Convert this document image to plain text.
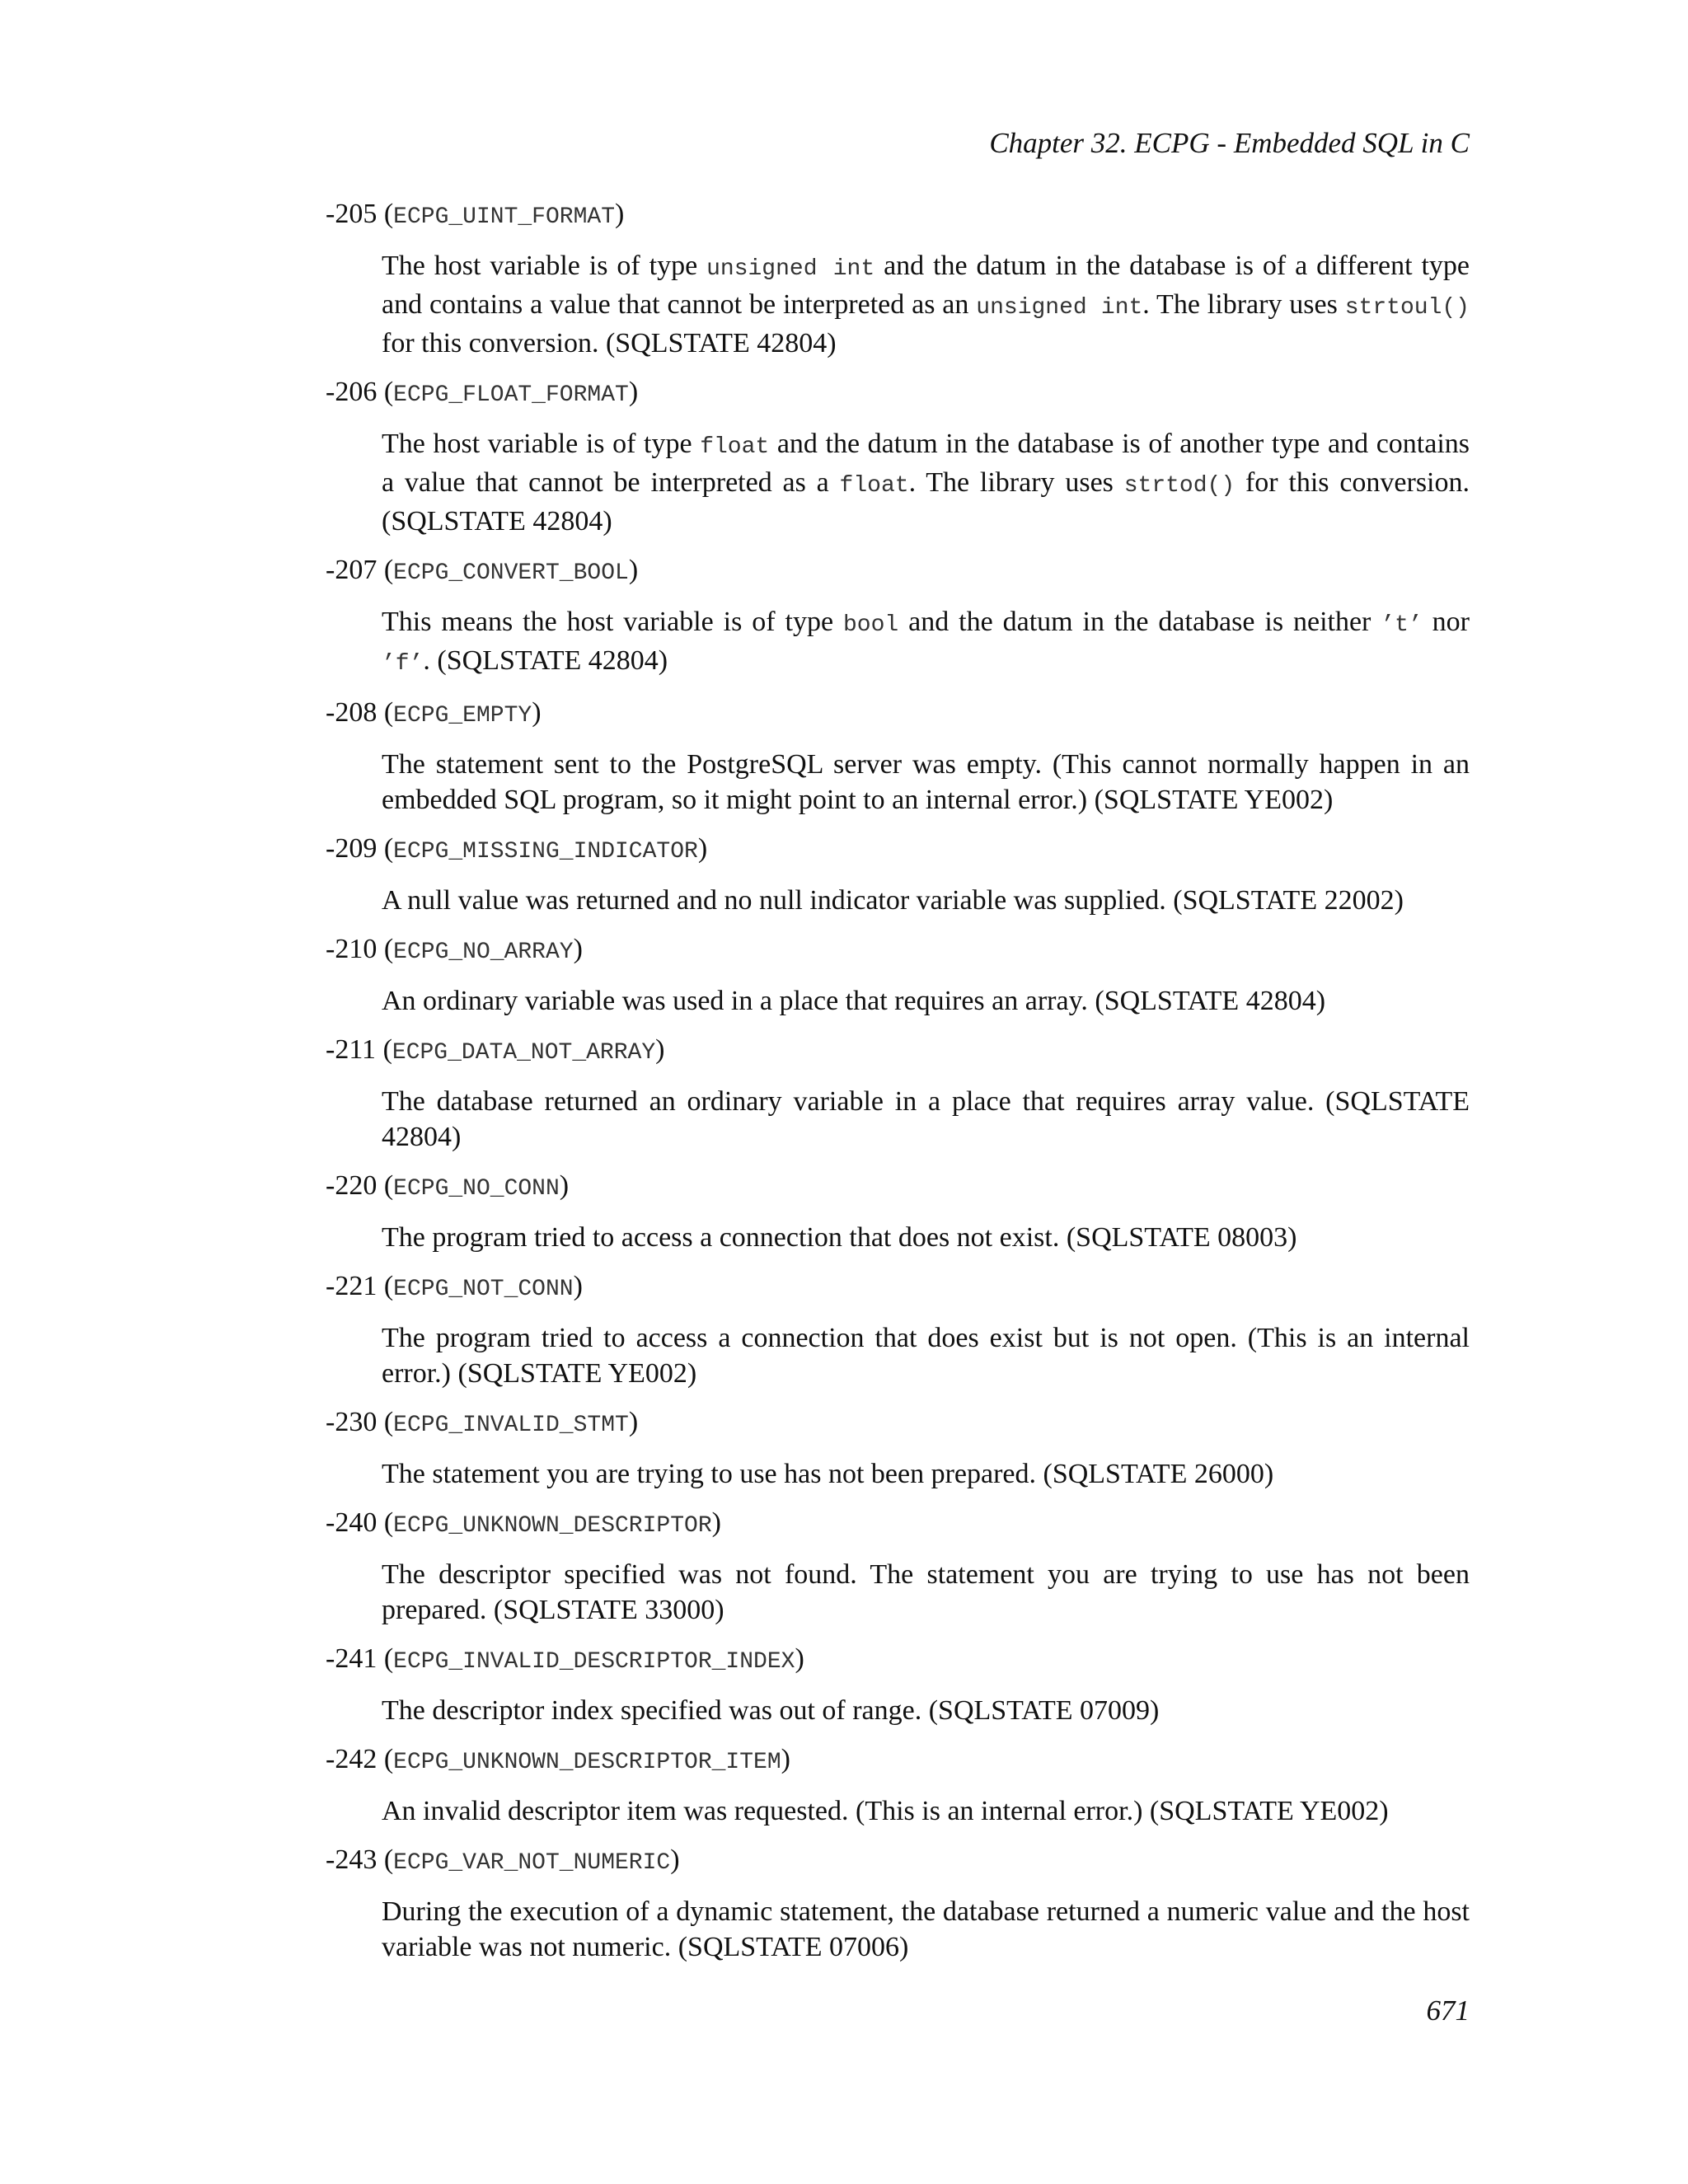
Chapter 32. ECPG - Embedded SQL in C
-205 (ECPG_UINT_FORMAT)
The host variable is of type unsigned int and the datum in the database is of a different type and contains a value that cannot be interpreted as an unsigned int. The library uses strtoul() for this conversion. (SQLSTATE 42804)
-206 (ECPG_FLOAT_FORMAT)
The host variable is of type float and the datum in the database is of another type and contains a value that cannot be interpreted as a float. The library uses strtod() for this conversion. (SQLSTATE 42804)
-207 (ECPG_CONVERT_BOOL)
This means the host variable is of type bool and the datum in the database is neither ’t’ nor ’f’. (SQLSTATE 42804)
-208 (ECPG_EMPTY)
The statement sent to the PostgreSQL server was empty. (This cannot normally happen in an embedded SQL program, so it might point to an internal error.) (SQLSTATE YE002)
-209 (ECPG_MISSING_INDICATOR)
A null value was returned and no null indicator variable was supplied. (SQLSTATE 22002)
-210 (ECPG_NO_ARRAY)
An ordinary variable was used in a place that requires an array. (SQLSTATE 42804)
-211 (ECPG_DATA_NOT_ARRAY)
The database returned an ordinary variable in a place that requires array value. (SQLSTATE 42804)
-220 (ECPG_NO_CONN)
The program tried to access a connection that does not exist. (SQLSTATE 08003)
-221 (ECPG_NOT_CONN)
The program tried to access a connection that does exist but is not open. (This is an internal error.) (SQLSTATE YE002)
-230 (ECPG_INVALID_STMT)
The statement you are trying to use has not been prepared. (SQLSTATE 26000)
-240 (ECPG_UNKNOWN_DESCRIPTOR)
The descriptor specified was not found. The statement you are trying to use has not been prepared. (SQLSTATE 33000)
-241 (ECPG_INVALID_DESCRIPTOR_INDEX)
The descriptor index specified was out of range. (SQLSTATE 07009)
-242 (ECPG_UNKNOWN_DESCRIPTOR_ITEM)
An invalid descriptor item was requested. (This is an internal error.) (SQLSTATE YE002)
-243 (ECPG_VAR_NOT_NUMERIC)
During the execution of a dynamic statement, the database returned a numeric value and the host variable was not numeric. (SQLSTATE 07006)
671
